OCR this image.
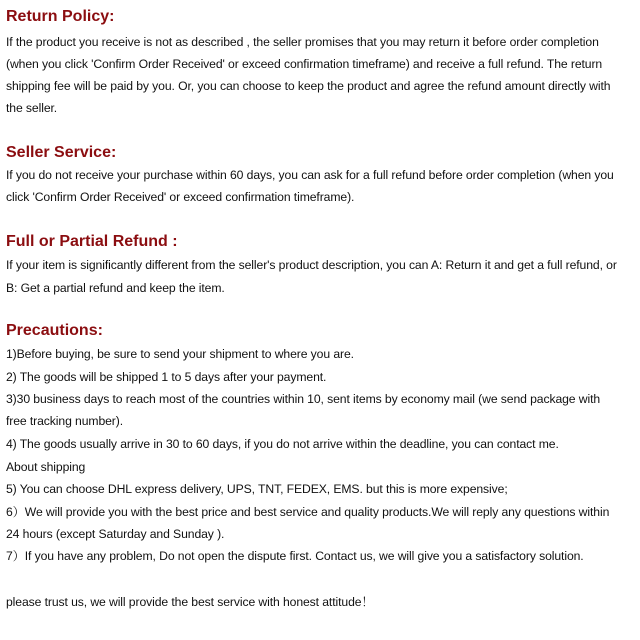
Return Policy:

If the product you receive is not as described , the seller promises that you may return it before order completion

(when you click 'Confirm Order Received' or exceed confirmation timeframe) and receive a full refund. The return

shipping fee will be paid by you. Or, you can choose to keep the product and agree the refund amount directly with

the seller.

Seller Service:

If you do not receive your purchase within 60 days, you can ask for a full refund before order completion (when you

click 'Confirm Order Received' or exceed confirmation timeframe).

Full or Partial Refund :

If your item is significantly different from the seller's product description, you can A: Return it and get a full refund, or

B: Get a partial refund and keep the item.

Precautions:

1)Before buying, be sure to send your shipment to where you are.

2) The goods will be shipped 1 to 5 days after your payment.

3)30 business days to reach most of the countries within 10, sent items by economy mail (we send package with

free tracking number).

4) The goods usually arrive in 30 to 60 days, if you do not arrive within the deadline, you can contact me.

About shipping

5) You can choose DHL express delivery, UPS, TNT, FEDEX, EMS. but this is more expensive;

6）We will provide you with the best price and best service and quality products.We will reply any questions within

24 hours (except Saturday and Sunday ).

7）If you have any problem, Do not open the dispute first. Contact us, we will give you a satisfactory solution.

please trust us, we will provide the best service with honest attitude！
